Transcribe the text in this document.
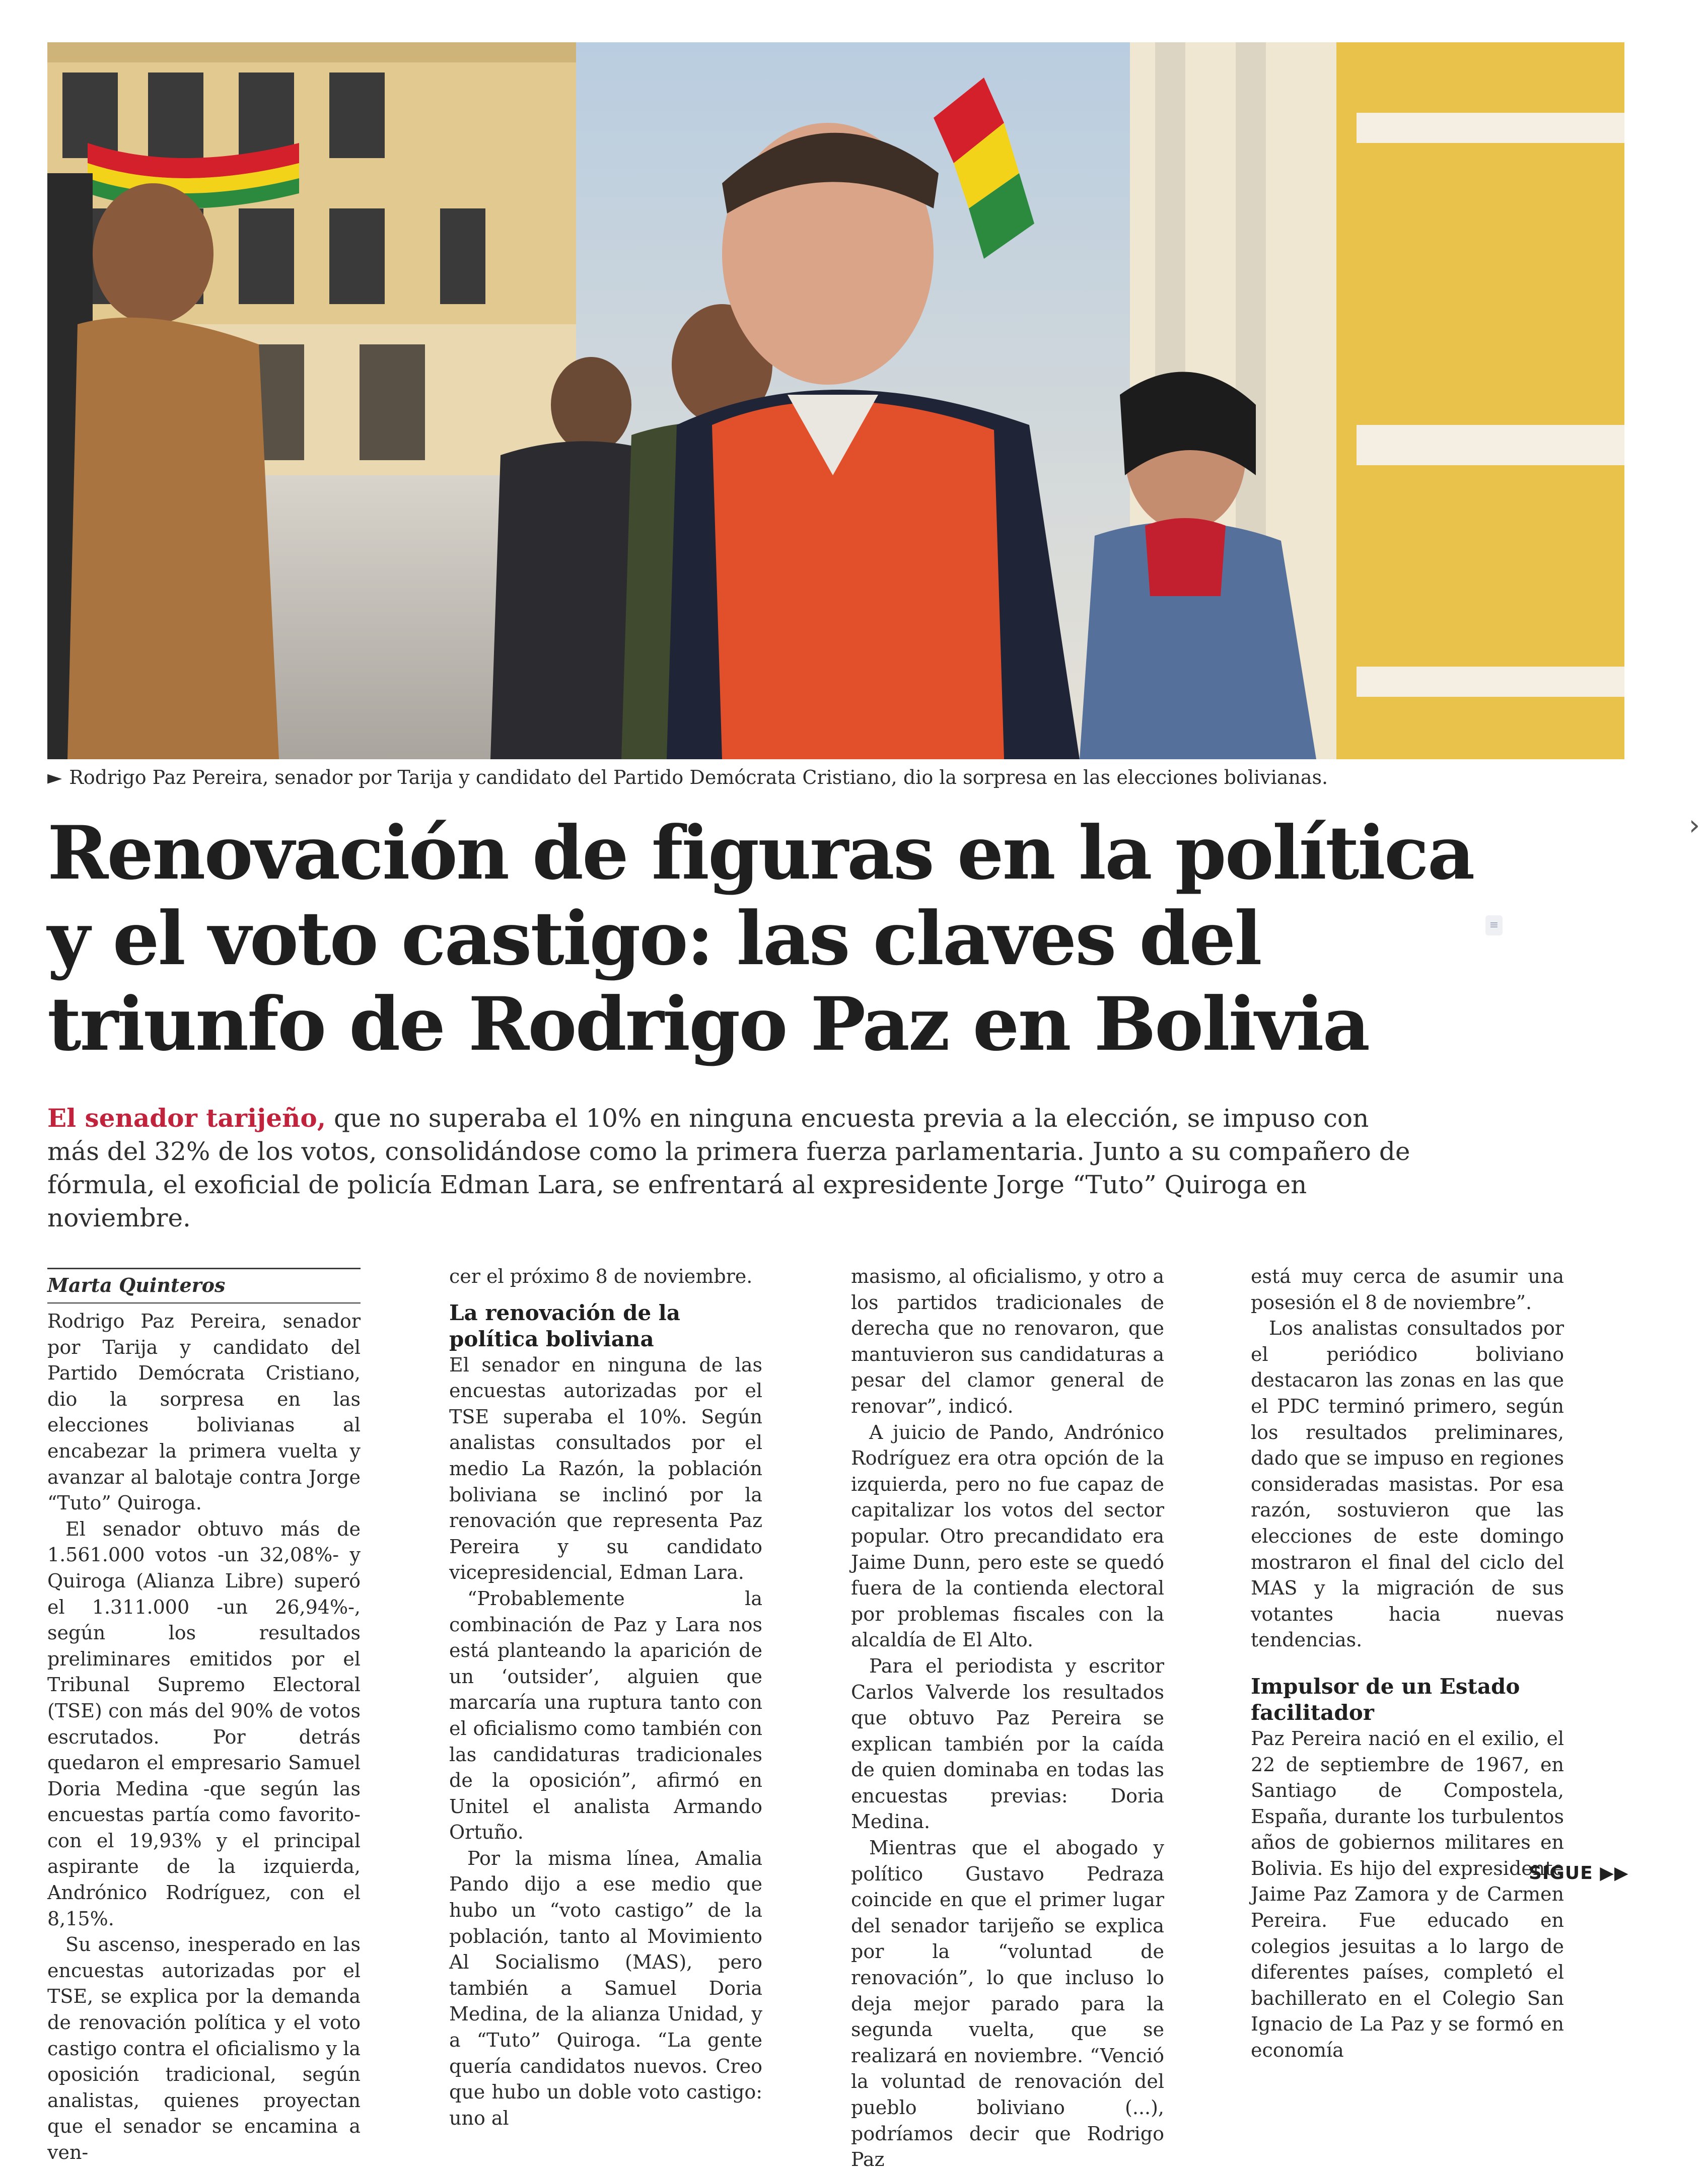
► Rodrigo Paz Pereira, senador por Tarija y candidato del Partido Demócrata Cristiano, dio la sorpresa en las elecciones bolivianas.
›
≡
Renovación de figuras en la política
y el voto castigo: las claves del
triunfo de Rodrigo Paz en Bolivia
El senador tarijeño, que no superaba el 10% en ninguna encuesta previa a la elección, se impuso con más del 32% de los votos, consolidándose como la primera fuerza parlamentaria. Junto a su compañero de fórmula, el exoficial de policía Edman Lara, se enfrentará al expresidente Jorge “Tuto” Quiroga en noviembre.
Marta Quinteros

Rodrigo Paz Pereira, senador por Tarija y candidato del Partido Demócrata Cristiano, dio la sorpresa en las elecciones bolivianas al encabezar la primera vuelta y avanzar al balotaje contra Jorge “Tuto” Quiroga.

El senador obtuvo más de 1.561.000 votos -un 32,08%- y Quiroga (Alianza Libre) superó el 1.311.000 -un 26,94%-, según los resultados preliminares emitidos por el Tribunal Supremo Electoral (TSE) con más del 90% de votos escrutados. Por detrás quedaron el empresario Samuel Doria Medina -que según las encuestas partía como favorito- con el 19,93% y el principal aspirante de la izquierda, Andrónico Rodríguez, con el 8,15%.

Su ascenso, inesperado en las encuestas autorizadas por el TSE, se explica por la demanda de renovación política y el voto castigo contra el oficialismo y la oposición tradicional, según analistas, quienes proyectan que el senador se encamina a ven-

cer el próximo 8 de noviembre.

La renovación de la política boliviana

El senador en ninguna de las encuestas autorizadas por el TSE superaba el 10%. Según analistas consultados por el medio La Razón, la población boliviana se inclinó por la renovación que representa Paz Pereira y su candidato vicepresidencial, Edman Lara.

“Probablemente la combinación de Paz y Lara nos está planteando la aparición de un ‘outsider’, alguien que marcaría una ruptura tanto con el oficialismo como también con las candidaturas tradicionales de la oposición”, afirmó en Unitel el analista Armando Ortuño.

Por la misma línea, Amalia Pando dijo a ese medio que hubo un “voto castigo” de la población, tanto al Movimiento Al Socialismo (MAS), pero también a Samuel Doria Medina, de la alianza Unidad, y a “Tuto” Quiroga. “La gente quería candidatos nuevos. Creo que hubo un doble voto castigo: uno al

masismo, al oficialismo, y otro a los partidos tradicionales de derecha que no renovaron, que mantuvieron sus candidaturas a pesar del clamor general de renovar”, indicó.

A juicio de Pando, Andrónico Rodríguez era otra opción de la izquierda, pero no fue capaz de capitalizar los votos del sector popular. Otro precandidato era Jaime Dunn, pero este se quedó fuera de la contienda electoral por problemas fiscales con la alcaldía de El Alto.

Para el periodista y escritor Carlos Valverde los resultados que obtuvo Paz Pereira se explican también por la caída de quien dominaba en todas las encuestas previas: Doria Medina.

Mientras que el abogado y político Gustavo Pedraza coincide en que el primer lugar del senador tarijeño se explica por la “voluntad de renovación”, lo que incluso lo deja mejor parado para la segunda vuelta, que se realizará en noviembre. “Venció la voluntad de renovación del pueblo boliviano (...), podríamos decir que Rodrigo Paz

está muy cerca de asumir una posesión el 8 de noviembre”.

Los analistas consultados por el periódico boliviano destacaron las zonas en las que el PDC terminó primero, según los resultados preliminares, dado que se impuso en regiones consideradas masistas. Por esa razón, sostuvieron que las elecciones de este domingo mostraron el final del ciclo del MAS y la migración de sus votantes hacia nuevas tendencias.

Impulsor de un Estado facilitador

Paz Pereira nació en el exilio, el 22 de septiembre de 1967, en Santiago de Compostela, España, durante los turbulentos años de gobiernos militares en Bolivia. Es hijo del expresidente Jaime Paz Zamora y de Carmen Pereira. Fue educado en colegios jesuitas a lo largo de diferentes países, completó el bachillerato en el Colegio San Ignacio de La Paz y se formó en economía

SIGUE ▶▶
